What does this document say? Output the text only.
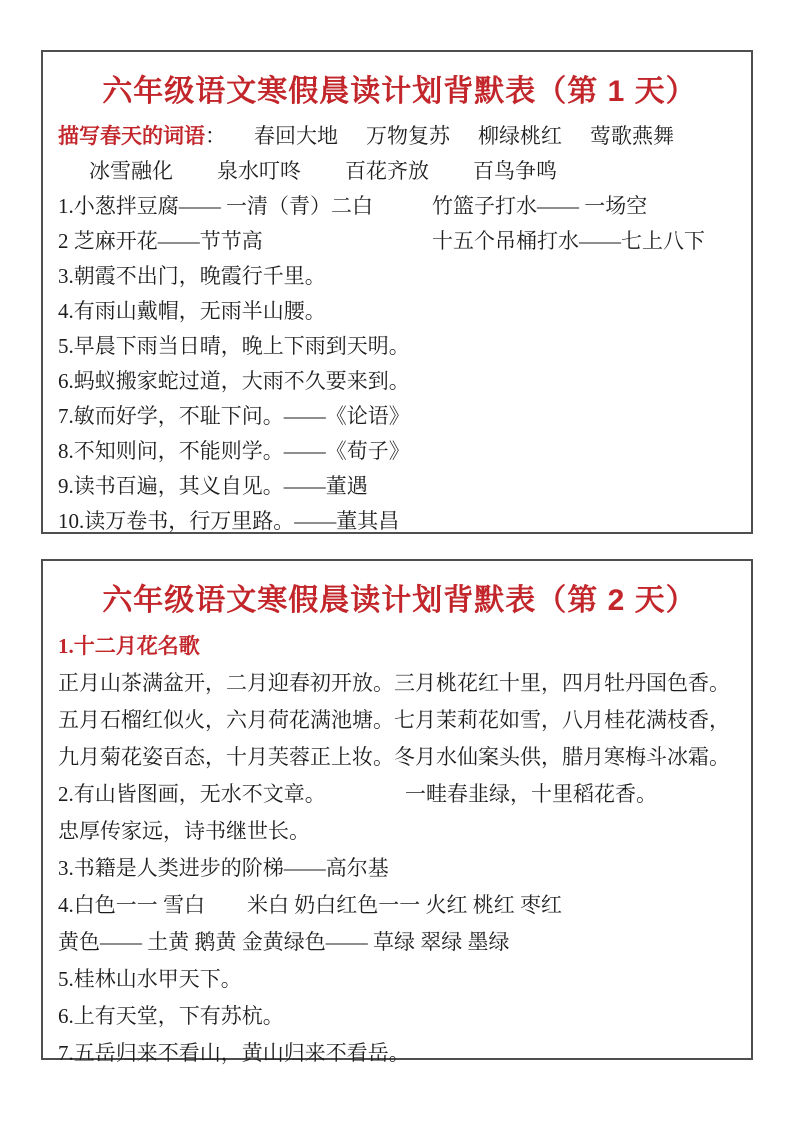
六年级语文寒假晨读计划背默表（第 1 天）

描写春天的词语 ： 春回大地 万物复苏 柳绿桃红 莺歌燕舞

冰雪融化 泉水叮咚 百花齐放 百鸟争鸣

1.小葱拌豆腐—— 一清（青）二白	竹篮子打水—— 一场空

2 芝麻开花——节节高	十五个吊桶打水——七上八下

3.朝霞不出门，晚霞行千里。

4.有雨山戴帽，无雨半山腰。

5.早晨下雨当日晴，晚上下雨到天明。

6.蚂蚁搬家蛇过道，大雨不久要来到。

7.敏而好学，不耻下问。——《论语》

8.不知则问，不能则学。——《荀子》

9.读书百遍，其义自见。——董遇

10.读万卷书，行万里路。——董其昌

六年级语文寒假晨读计划背默表（第 2 天）

1.十二月花名歌

正月山茶满盆开，二月迎春初开放。三月桃花红十里，四月牡丹国色香。

五月石榴红似火，六月荷花满池塘。七月茉莉花如雪，八月桂花满枝香，

九月菊花姿百态，十月芙蓉正上妆。冬月水仙案头供，腊月寒梅斗冰霜。

2.有山皆图画，无水不文章。	一畦春韭绿，十里稻花香。

忠厚传家远，诗书继世长。

3.书籍是人类进步的阶梯——高尔基

4.白色一一 雪白　　米白 奶白红色一一 火红 桃红 枣红

黄色—— 土黄 鹅黄 金黄绿色—— 草绿 翠绿 墨绿

5.桂林山水甲天下。

6.上有天堂，下有苏杭。

7.五岳归来不看山，黄山归来不看岳。
